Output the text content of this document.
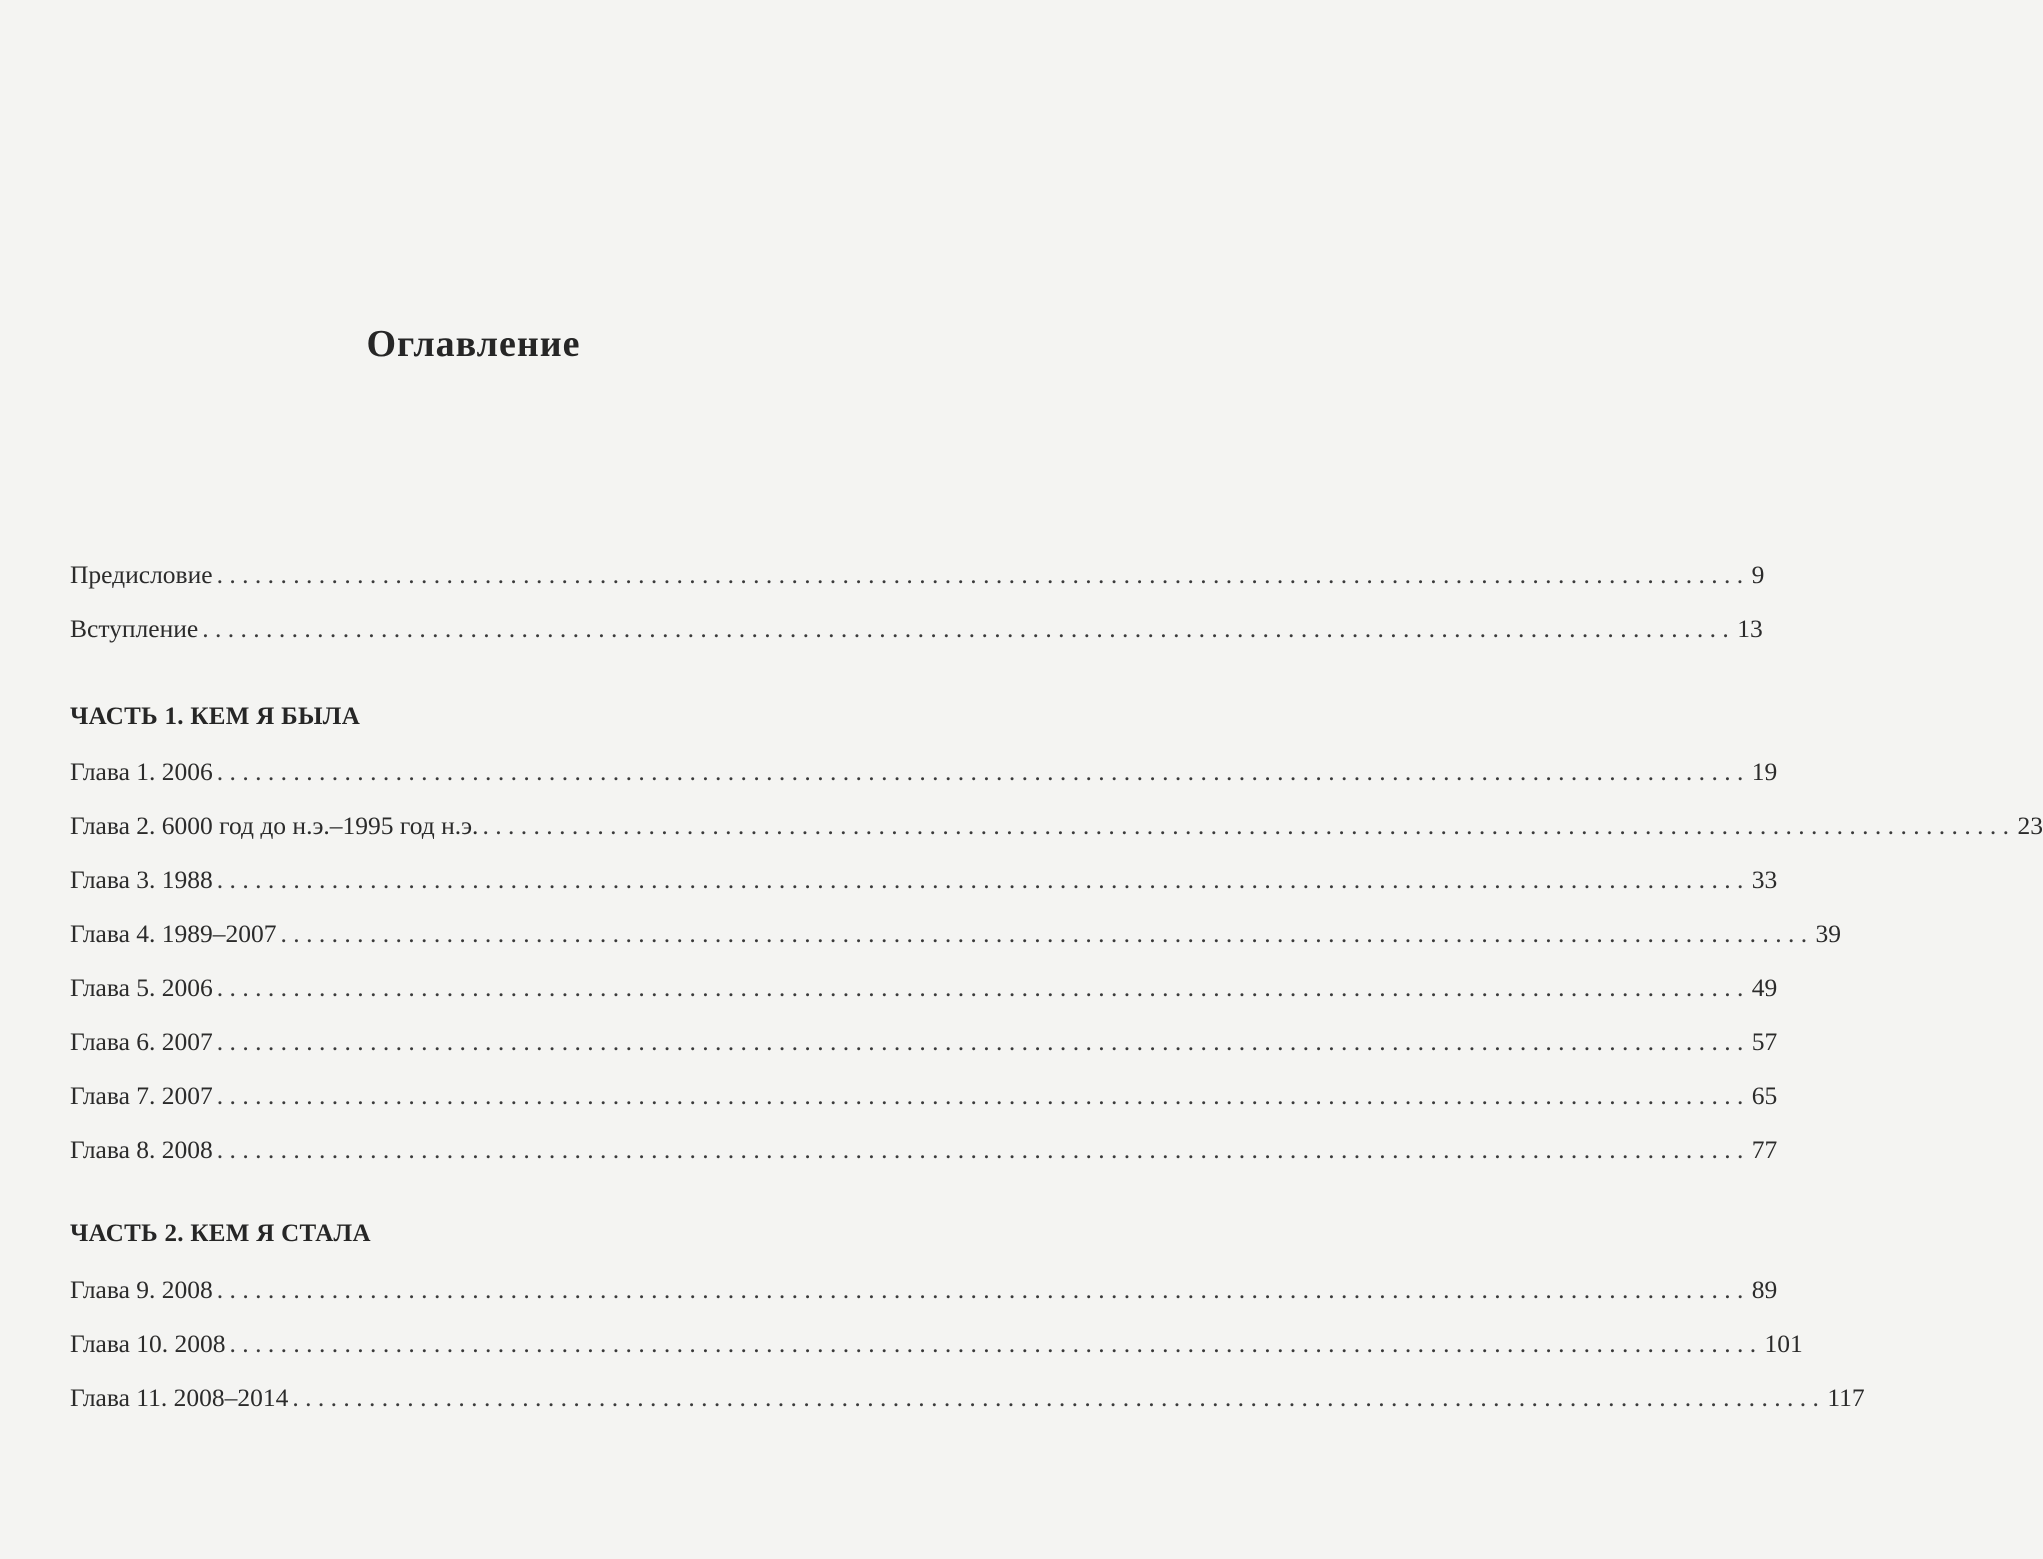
Оглавление
Предисловие ........................................................................................................................ 9
Вступление ........................................................................................................................ 13
ЧАСТЬ 1. КЕМ Я БЫЛА
Глава 1. 2006 ........................................................................................................................ 19
Глава 2. 6000 год до н.э.–1995 год н.э. ........................................................................................................................ 23
Глава 3. 1988 ........................................................................................................................ 33
Глава 4. 1989–2007 ........................................................................................................................ 39
Глава 5. 2006 ........................................................................................................................ 49
Глава 6. 2007 ........................................................................................................................ 57
Глава 7. 2007 ........................................................................................................................ 65
Глава 8. 2008 ........................................................................................................................ 77
ЧАСТЬ 2. КЕМ Я СТАЛА
Глава 9. 2008 ........................................................................................................................ 89
Глава 10. 2008 ........................................................................................................................ 101
Глава 11. 2008–2014 ........................................................................................................................ 117
